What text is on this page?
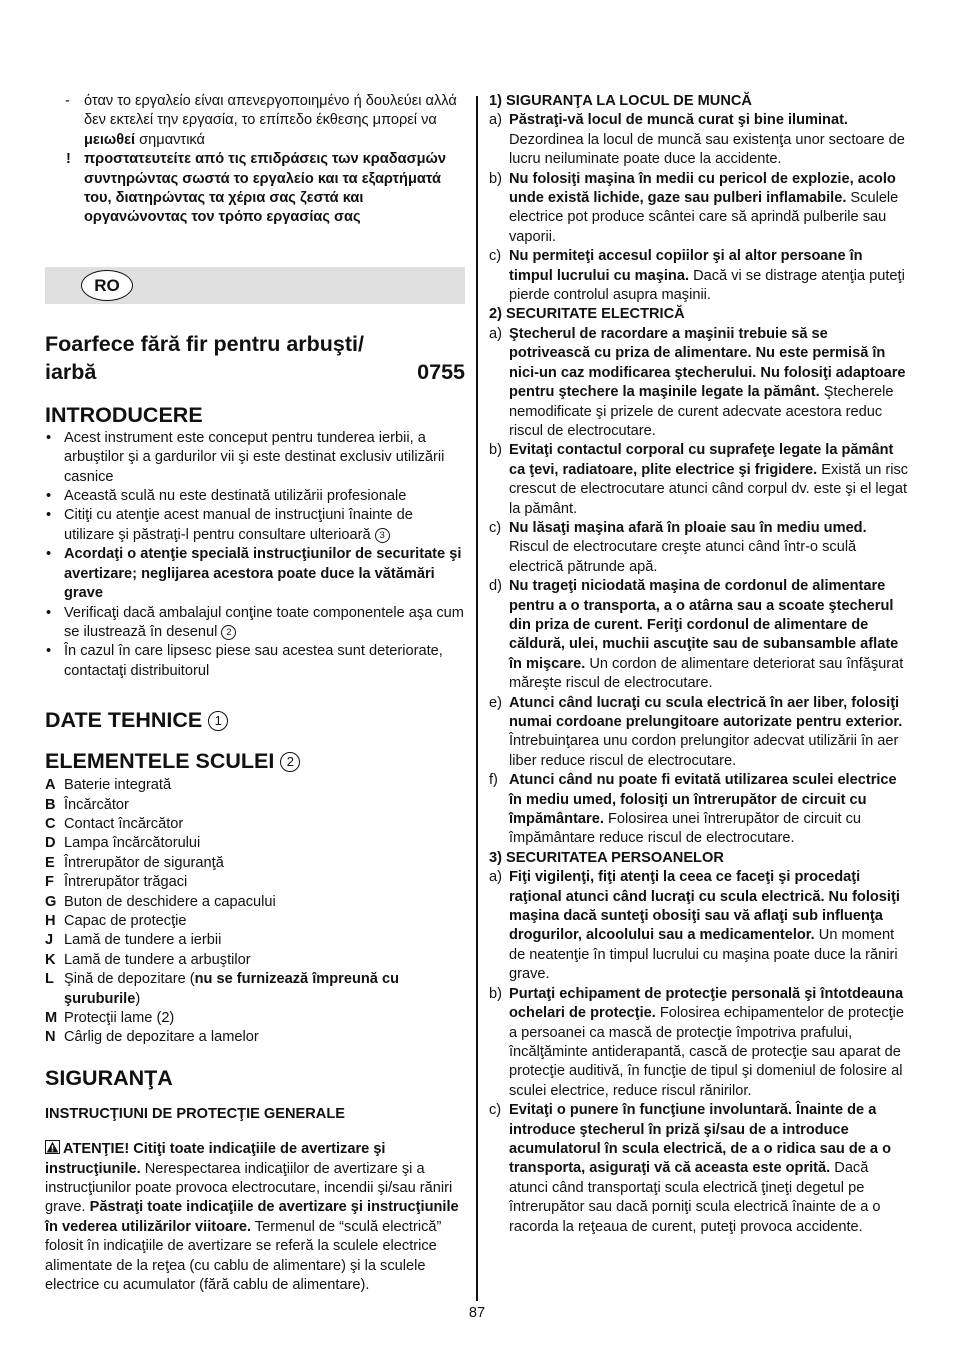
- όταν το εργαλείο είναι απενεργοποιημένο ή δουλεύει αλλά δεν εκτελεί την εργασία, το επίπεδο έκθεσης μπορεί να μειωθεί σημαντικά
! προστατευτείτε από τις επιδράσεις των κραδασμών συντηρώντας σωστά το εργαλείο και τα εξαρτήματά του, διατηρώντας τα χέρια σας ζεστά και οργανώνοντας τον τρόπο εργασίας σας
RO
Foarfece fără fir pentru arbuşti/
iarbă	0755
INTRODUCERE
• Acest instrument este conceput pentru tunderea ierbii, a arbuştilor şi a gardurilor vii şi este destinat exclusiv utilizării casnice
• Această sculă nu este destinată utilizării profesionale
• Citiţi cu atenţie acest manual de instrucţiuni înainte de utilizare şi păstraţi-l pentru consultare ulterioară 3
• Acordaţi o atenţie specială instrucţiunilor de securitate şi avertizare; neglijarea acestora poate duce la vătămări grave
• Verificaţi dacă ambalajul conţine toate componentele aşa cum se ilustrează în desenul 2
• În cazul în care lipsesc piese sau acestea sunt deteriorate, contactaţi distribuitorul
DATE TEHNICE 1
ELEMENTELE SCULEI 2
A Baterie integrată
B Încărcător
C Contact încărcător
D Lampa încărcătorului
E Întrerupător de siguranţă
F Întrerupător trăgaci
G Buton de deschidere a capacului
H Capac de protecţie
J Lamă de tundere a ierbii
K Lamă de tundere a arbuştilor
L Şină de depozitare (nu se furnizează împreună cu şuruburile)
M Protecţii lame (2)
N Cârlig de depozitare a lamelor
SIGURANŢA
INSTRUCŢIUNI DE PROTECŢIE GENERALE
ATENŢIE! Citiţi toate indicaţiile de avertizare şi instrucţiunile. Nerespectarea indicaţiilor de avertizare şi a instrucţiunilor poate provoca electrocutare, incendii şi/sau răniri grave. Păstraţi toate indicaţiile de avertizare şi instrucţiunile în vederea utilizărilor viitoare. Termenul de “sculă electrică” folosit în indicaţiile de avertizare se referă la sculele electrice alimentate de la reţea (cu cablu de alimentare) şi la sculele electrice cu acumulator (fără cablu de alimentare).
1) SIGURANŢA LA LOCUL DE MUNCĂ
a) Păstraţi-vă locul de muncă curat şi bine iluminat. Dezordinea la locul de muncă sau existenţa unor sectoare de lucru neiluminate poate duce la accidente.
b) Nu folosiţi maşina în medii cu pericol de explozie, acolo unde există lichide, gaze sau pulberi inflamabile. Sculele electrice pot produce scântei care să aprindă pulberile sau vaporii.
c) Nu permiteţi accesul copiilor şi al altor persoane în timpul lucrului cu maşina. Dacă vi se distrage atenţia puteţi pierde controlul asupra maşinii.
2) SECURITATE ELECTRICĂ
a) Ştecherul de racordare a maşinii trebuie să se potrivească cu priza de alimentare. Nu este permisă în nici-un caz modificarea ştecherului. Nu folosiţi adaptoare pentru ştechere la maşinile legate la pământ. Ştecherele nemodificate şi prizele de curent adecvate acestora reduc riscul de electrocutare.
b) Evitaţi contactul corporal cu suprafeţe legate la pământ ca ţevi, radiatoare, plite electrice şi frigidere. Există un risc crescut de electrocutare atunci când corpul dv. este şi el legat la pământ.
c) Nu lăsaţi maşina afară în ploaie sau în mediu umed. Riscul de electrocutare creşte atunci când într-o sculă electrică pătrunde apă.
d) Nu trageţi niciodată maşina de cordonul de alimentare pentru a o transporta, a o atârna sau a scoate ştecherul din priza de curent. Feriţi cordonul de alimentare de căldură, ulei, muchii ascuţite sau de subansamble aflate în mişcare. Un cordon de alimentare deteriorat sau înfăşurat măreşte riscul de electrocutare.
e) Atunci când lucraţi cu scula electrică în aer liber, folosiţi numai cordoane prelungitoare autorizate pentru exterior. Întrebuinţarea unu cordon prelungitor adecvat utilizării în aer liber reduce riscul de electrocutare.
f) Atunci când nu poate fi evitată utilizarea sculei electrice în mediu umed, folosiţi un întrerupător de circuit cu împământare. Folosirea unei întrerupător de circuit cu împământare reduce riscul de electrocutare.
3) SECURITATEA PERSOANELOR
a) Fiţi vigilenţi, fiţi atenţi la ceea ce faceţi şi procedaţi raţional atunci când lucraţi cu scula electrică. Nu folosiţi maşina dacă sunteţi obosiţi sau vă aflaţi sub influenţa drogurilor, alcoolului sau a medicamentelor. Un moment de neatenţie în timpul lucrului cu maşina poate duce la răniri grave.
b) Purtaţi echipament de protecţie personală şi întotdeauna ochelari de protecţie. Folosirea echipamentelor de protecţie a persoanei ca mască de protecţie împotriva prafului, încălţăminte antiderapantă, cască de protecţie sau aparat de protecţie auditivă, în funcţie de tipul şi domeniul de folosire al sculei electrice, reduce riscul rănirilor.
c) Evitaţi o punere în funcţiune involuntară. Înainte de a introduce ştecherul în priză şi/sau de a introduce acumulatorul în scula electrică, de a o ridica sau de a o transporta, asiguraţi vă că aceasta este oprită. Dacă atunci când transportaţi scula electrică ţineţi degetul pe întrerupător sau dacă porniţi scula electrică înainte de a o racorda la reţeaua de curent, puteţi provoca accidente.
87
